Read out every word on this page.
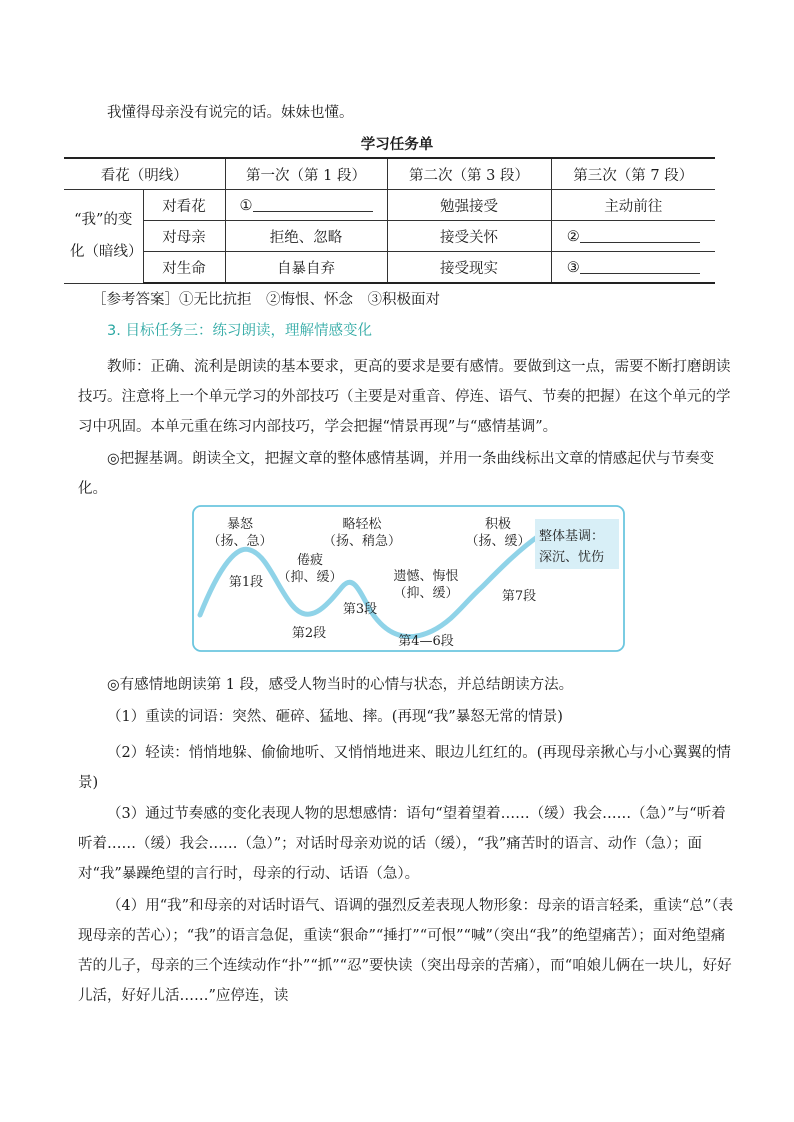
我懂得母亲没有说完的话。妹妹也懂。

学习任务单
看花（明线）		第一次（第 1 段）	第二次（第 3 段）	第三次（第 7 段）
“我”的变化（暗线）	对看花	①	勉强接受	主动前往
	对母亲	拒绝、忽略	接受关怀	②
	对生命	自暴自弃	接受现实	③

［参考答案］①无比抗拒　②悔恨、怀念　③积极面对

3. 目标任务三：练习朗读，理解情感变化

教师：正确、流利是朗读的基本要求，更高的要求是要有感情。要做到这一点，需要不断打磨朗读技巧。注意将上一个单元学习的外部技巧（主要是对重音、停连、语气、节奏的把握）在这个单元的学习中巩固。本单元重在练习内部技巧，学会把握“情景再现”与“感情基调”。

◎把握基调。朗读全文，把握文章的整体感情基调，并用一条曲线标出文章的情感起伏与节奏变化。

整体基调：
深沉、忧伤
暴怒
（扬、急）
略轻松
（扬、稍急）
积极
（扬、缓）
倦疲
（抑、缓）	遗憾、悔恨
（抑、缓）
第1段
第2段
第3段
第4—6段
第7段

◎有感情地朗读第 1 段，感受人物当时的心情与状态，并总结朗读方法。

（1）重读的词语：突然、砸碎、猛地、摔。(再现“我”暴怒无常的情景)

（2）轻读：悄悄地躲、偷偷地听、又悄悄地进来、眼边儿红红的。(再现母亲揪心与小心翼翼的情景)

（3）通过节奏感的变化表现人物的思想感情：语句“望着望着……（缓）我会……（急）”与“听着听着……（缓）我会……（急）”；对话时母亲劝说的话（缓），“我”痛苦时的语言、动作（急）；面对“我”暴躁绝望的言行时，母亲的行动、话语（急）。

（4）用“我”和母亲的对话时语气、语调的强烈反差表现人物形象：母亲的语言轻柔，重读“总”（表现母亲的苦心）；“我”的语言急促，重读“狠命”“捶打”“可恨”“喊”（突出“我”的绝望痛苦）；面对绝望痛苦的儿子，母亲的三个连续动作“扑”“抓”“忍”要快读（突出母亲的苦痛），而“咱娘儿俩在一块儿，好好儿活，好好儿活……”应停连，读
